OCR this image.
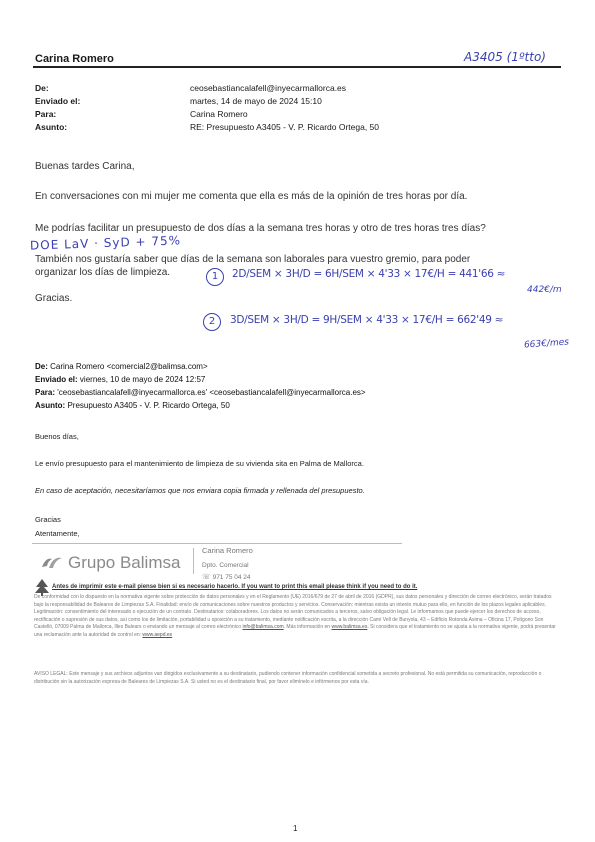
Carina Romero	A3405 (1ºtto)
De:	ceosebastiancalafell@inyecarmallorca.es
Enviado el:	martes, 14 de mayo de 2024 15:10
Para:	Carina Romero
Asunto:	RE: Presupuesto A3405 - V. P. Ricardo Ortega, 50
Buenas tardes Carina,
En conversaciones con mi mujer me comenta que ella es más de la opinión de tres horas por día.
Me podrías facilitar un presupuesto de dos días a la semana tres horas y otro de tres horas tres días?
También nos gustaría saber que días de la semana son laborales para vuestro gremio, para poder
organizar los días de limpieza.
Gracias.
DOE LaV · SyD + 75%
1	2D/SEM × 3H/D = 6H/SEM × 4'33 × 17€/H = 441'66 ≈
442€/m
2	3D/SEM × 3H/D = 9H/SEM × 4'33 × 17€/H = 662'49 ≈
663€/mes
De: Carina Romero <comercial2@balimsa.com>
Enviado el: viernes, 10 de mayo de 2024 12:57
Para: 'ceosebastiancalafell@inyecarmallorca.es' <ceosebastiancalafell@inyecarmallorca.es>
Asunto: Presupuesto A3405 - V. P. Ricardo Ortega, 50
Buenos días,
Le envío presupuesto para el mantenimiento de limpieza de su vivienda sita en Palma de Mallorca.
En caso de aceptación, necesitaríamos que nos enviara copia firmada y rellenada del presupuesto.
Gracias
Atentamente,
Grupo Balimsa
Carina Romero
Dpto. Comercial
☏ 971 75 04 24
Antes de imprimir este e-mail piense bien si es necesario hacerlo. If you want to print this email please think if you need to do it.
De conformidad con lo dispuesto en la normativa vigente sobre protección de datos personales y en el Reglamento (UE) 2016/679 de 27 de abril de 2016 (GDPR), sus datos personales y dirección de correo electrónico, serán tratados bajo la responsabilidad de Baleares de Limpiezas S.A. Finalidad: envío de comunicaciones sobre nuestros productos y servicios. Conservación: mientras exista un interés mutuo para ello, en función de los plazos legales aplicables. Legitimación: consentimiento del interesado o ejecución de un contrato. Destinatarios: colaboradores. Los datos no serán comunicados a terceros, salvo obligación legal. Le informamos que puede ejercer los derechos de acceso, rectificación o supresión de sus datos, así como los de limitación, portabilidad u oposición a su tratamiento, mediante notificación escrita, a la dirección Camí Vell de Bunyola, 43 – Edificio Rotonda Asima – Oficina 17, Polígono Son Castelló, 07009 Palma de Mallorca, Illes Balears o enviando un mensaje al correo electrónico info@balimsa.com. Más información en www.balimsa.es. Si considera que el tratamiento no se ajusta a la normativa vigente, podrá presentar una reclamación ante la autoridad de control en: www.aepd.es
AVISO LEGAL: Este mensaje y sus archivos adjuntos van dirigidos exclusivamente a su destinatario, pudiendo contener información confidencial sometida a secreto profesional. No está permitida su comunicación, reproducción o distribución sin la autorización expresa de Baleares de Limpiezas S.A. Si usted no es el destinatario final, por favor elimínelo e infórmenos por esta vía.
1
